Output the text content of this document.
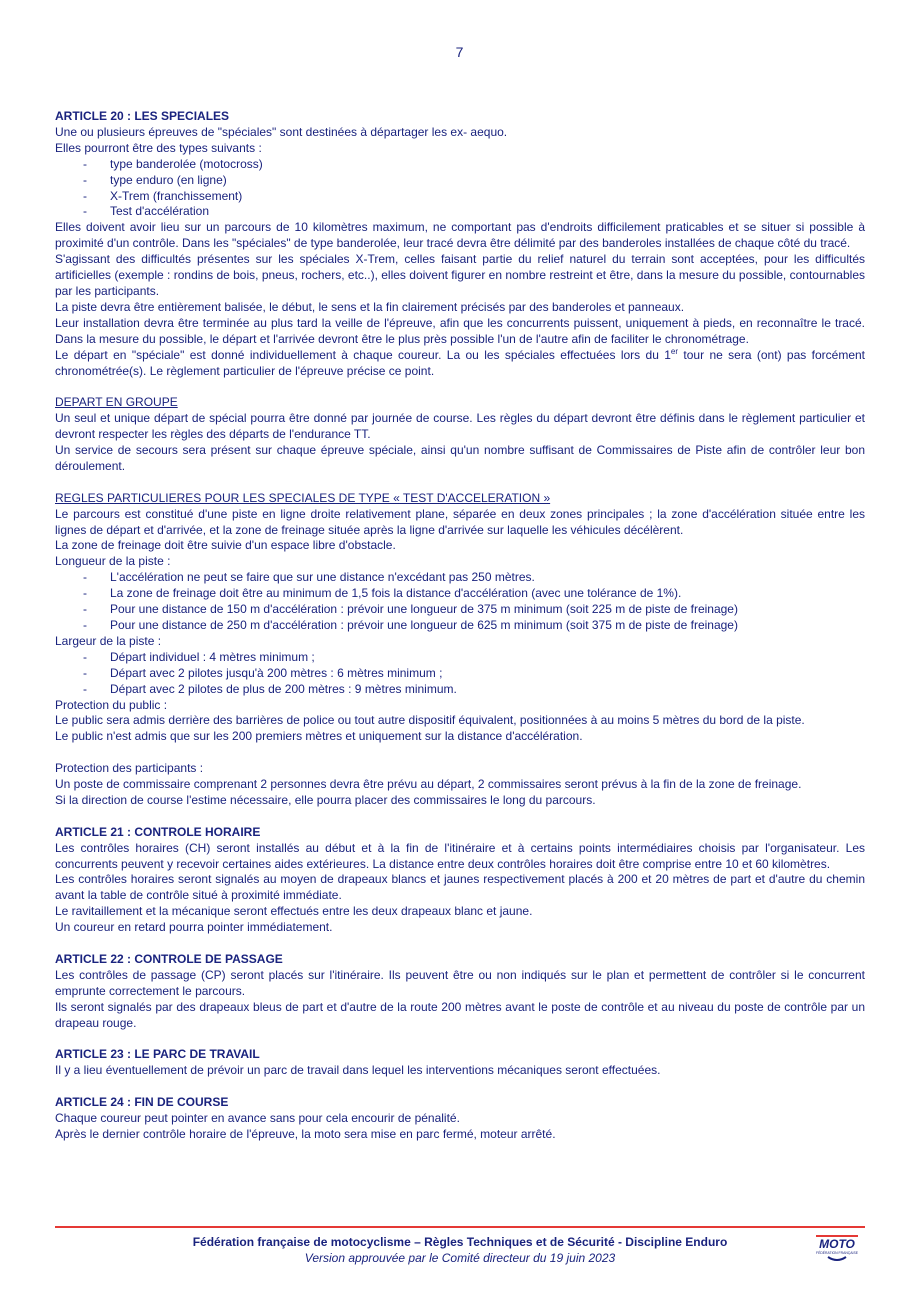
7

ARTICLE 20 : LES SPECIALES

Une ou plusieurs épreuves de "spéciales" sont destinées à départager les ex- aequo.

Elles pourront être des types suivants :

- type banderolée (motocross)
- type enduro (en ligne)
- X-Trem (franchissement)
- Test d'accélération

Elles doivent avoir lieu sur un parcours de 10 kilomètres maximum, ne comportant pas d'endroits difficilement praticables et se situer si possible à proximité d'un contrôle. Dans les "spéciales" de type banderolée, leur tracé devra être délimité par des banderoles installées de chaque côté du tracé.

S'agissant des difficultés présentes sur les spéciales X-Trem, celles faisant partie du relief naturel du terrain sont acceptées, pour les difficultés artificielles (exemple : rondins de bois, pneus, rochers, etc..), elles doivent figurer en nombre restreint et être, dans la mesure du possible, contournables par les participants.

La piste devra être entièrement balisée, le début, le sens et la fin clairement précisés par des banderoles et panneaux.

Leur installation devra être terminée au plus tard la veille de l'épreuve, afin que les concurrents puissent, uniquement à pieds, en reconnaître le tracé. Dans la mesure du possible, le départ et l'arrivée devront être le plus près possible l'un de l'autre afin de faciliter le chronométrage.

Le départ en "spéciale" est donné individuellement à chaque coureur. La ou les spéciales effectuées lors du 1er tour ne sera (ont) pas forcément chronométrée(s). Le règlement particulier de l'épreuve précise ce point.

DEPART EN GROUPE

Un seul et unique départ de spécial pourra être donné par journée de course. Les règles du départ devront être définis dans le règlement particulier et devront respecter les règles des départs de l'endurance TT.

Un service de secours sera présent sur chaque épreuve spéciale, ainsi qu'un nombre suffisant de Commissaires de Piste afin de contrôler leur bon déroulement.

REGLES PARTICULIERES POUR LES SPECIALES DE TYPE « TEST D'ACCELERATION »

Le parcours est constitué d'une piste en ligne droite relativement plane, séparée en deux zones principales ; la zone d'accélération située entre les lignes de départ et d'arrivée, et la zone de freinage située après la ligne d'arrivée sur laquelle les véhicules décélèrent.

La zone de freinage doit être suivie d'un espace libre d'obstacle.

Longueur de la piste :

- L'accélération ne peut se faire que sur une distance n'excédant pas 250 mètres.
- La zone de freinage doit être au minimum de 1,5 fois la distance d'accélération (avec une tolérance de 1%).
- Pour une distance de 150 m d'accélération : prévoir une longueur de 375 m minimum (soit 225 m de piste de freinage)
- Pour une distance de 250 m d'accélération : prévoir une longueur de 625 m minimum (soit 375 m de piste de freinage)

Largeur de la piste :

- Départ individuel : 4 mètres minimum ;
- Départ avec 2 pilotes jusqu'à 200 mètres : 6 mètres minimum ;
- Départ avec 2 pilotes de plus de 200 mètres : 9 mètres minimum.

Protection du public :

Le public sera admis derrière des barrières de police ou tout autre dispositif équivalent, positionnées à au moins 5 mètres du bord de la piste.

Le public n'est admis que sur les 200 premiers mètres et uniquement sur la distance d'accélération.

Protection des participants :

Un poste de commissaire comprenant 2 personnes devra être prévu au départ, 2 commissaires seront prévus à la fin de la zone de freinage.

Si la direction de course l'estime nécessaire, elle pourra placer des commissaires le long du parcours.

ARTICLE 21 : CONTROLE HORAIRE

Les contrôles horaires (CH) seront installés au début et à la fin de l'itinéraire et à certains points intermédiaires choisis par l'organisateur. Les concurrents peuvent y recevoir certaines aides extérieures. La distance entre deux contrôles horaires doit être comprise entre 10 et 60 kilomètres.

Les contrôles horaires seront signalés au moyen de drapeaux blancs et jaunes respectivement placés à 200 et 20 mètres de part et d'autre du chemin avant la table de contrôle situé à proximité immédiate.

Le ravitaillement et la mécanique seront effectués entre les deux drapeaux blanc et jaune.

Un coureur en retard pourra pointer immédiatement.

ARTICLE 22 : CONTROLE DE PASSAGE

Les contrôles de passage (CP) seront placés sur l'itinéraire. Ils peuvent être ou non indiqués sur le plan et permettent de contrôler si le concurrent emprunte correctement le parcours.

Ils seront signalés par des drapeaux bleus de part et d'autre de la route 200 mètres avant le poste de contrôle et au niveau du poste de contrôle par un drapeau rouge.

ARTICLE 23 : LE PARC DE TRAVAIL

Il y a lieu éventuellement de prévoir un parc de travail dans lequel les interventions mécaniques seront effectuées.

ARTICLE 24 : FIN DE COURSE

Chaque coureur peut pointer en avance sans pour cela encourir de pénalité.

Après le dernier contrôle horaire de l'épreuve, la moto sera mise en parc fermé, moteur arrêté.

Fédération française de motocyclisme – Règles Techniques et de Sécurité - Discipline Enduro
Version approuvée par le Comité directeur du 19 juin 2023
MOTO
FÉDÉRATION FRANÇAISE
